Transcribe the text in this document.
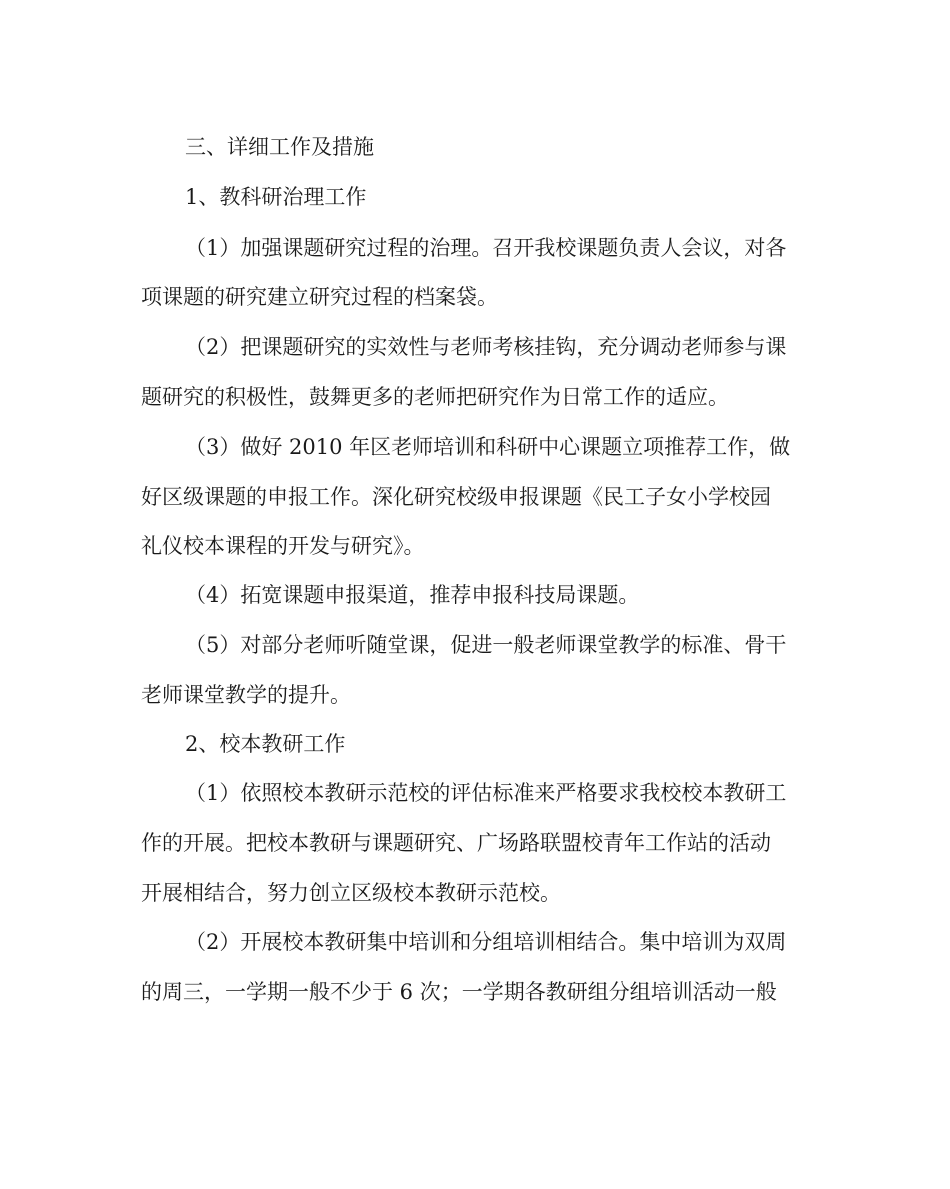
三、详细工作及措施
1、教科研治理工作
（1）加强课题研究过程的治理。召开我校课题负责人会议，对各
项课题的研究建立研究过程的档案袋。
（2）把课题研究的实效性与老师考核挂钩，充分调动老师参与课
题研究的积极性，鼓舞更多的老师把研究作为日常工作的适应。
（3）做好 2010 年区老师培训和科研中心课题立项推荐工作，做
好区级课题的申报工作。深化研究校级申报课题《民工子女小学校园
礼仪校本课程的开发与研究》。
（4）拓宽课题申报渠道，推荐申报科技局课题。
（5）对部分老师听随堂课，促进一般老师课堂教学的标准、骨干
老师课堂教学的提升。
2、校本教研工作
（1）依照校本教研示范校的评估标准来严格要求我校校本教研工
作的开展。把校本教研与课题研究、广场路联盟校青年工作站的活动
开展相结合，努力创立区级校本教研示范校。
（2）开展校本教研集中培训和分组培训相结合。集中培训为双周
的周三，一学期一般不少于 6 次；一学期各教研组分组培训活动一般
